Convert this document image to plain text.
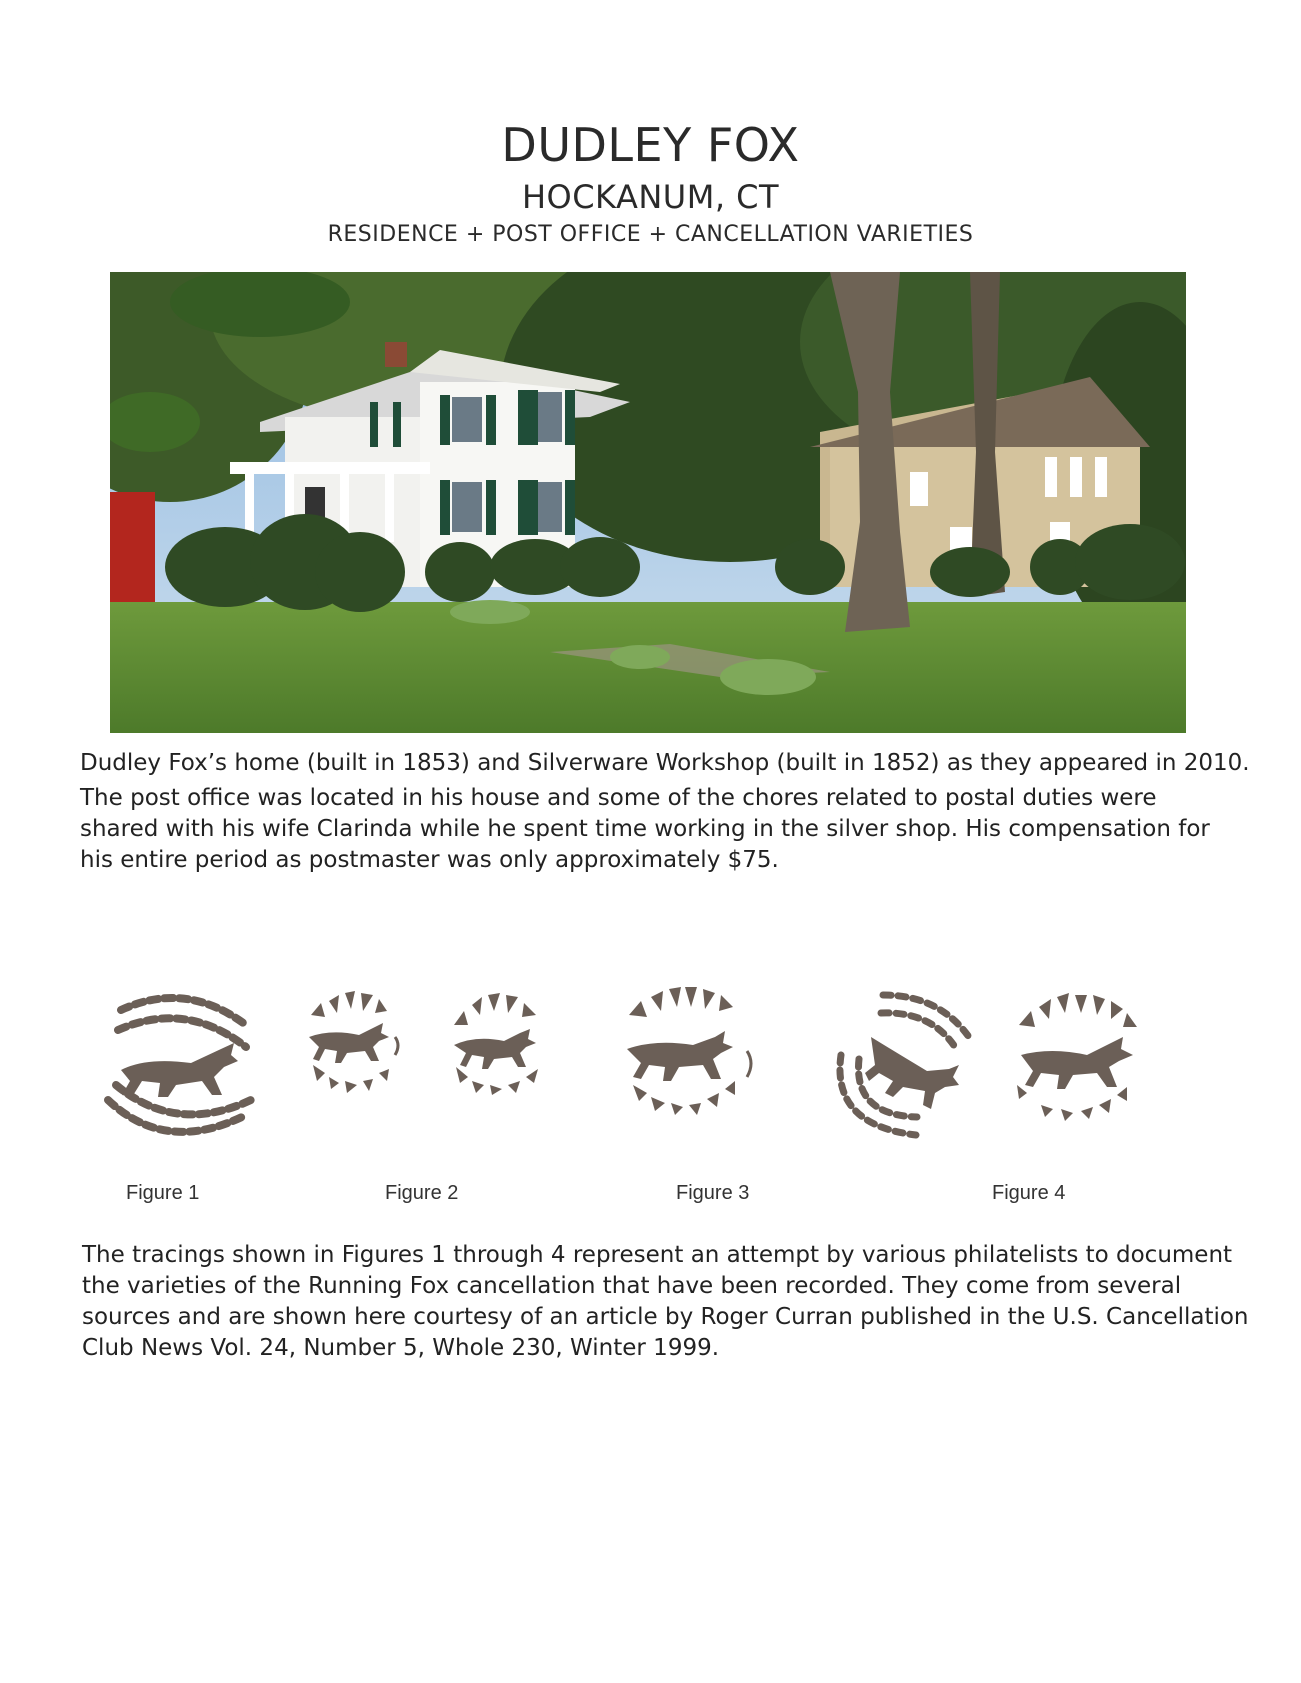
DUDLEY FOX
HOCKANUM, CT
RESIDENCE + POST OFFICE + CANCELLATION VARIETIES
Dudley Fox’s home (built in 1853) and Silverware Workshop (built in 1852) as they appeared in 2010.
The post office was located in his house and some of the chores related to postal duties were shared with his wife Clarinda while he spent time working in the silver shop. His compensation for his entire period as postmaster was only approximately $75.
Figure 1	Figure 2	Figure 3	Figure 4
The tracings shown in Figures 1 through 4 represent an attempt by various philatelists to document the varieties of the Running Fox cancellation that have been recorded. They come from several sources and are shown here courtesy of an article by Roger Curran published in the U.S. Cancellation Club News Vol. 24, Number 5, Whole 230, Winter 1999.
